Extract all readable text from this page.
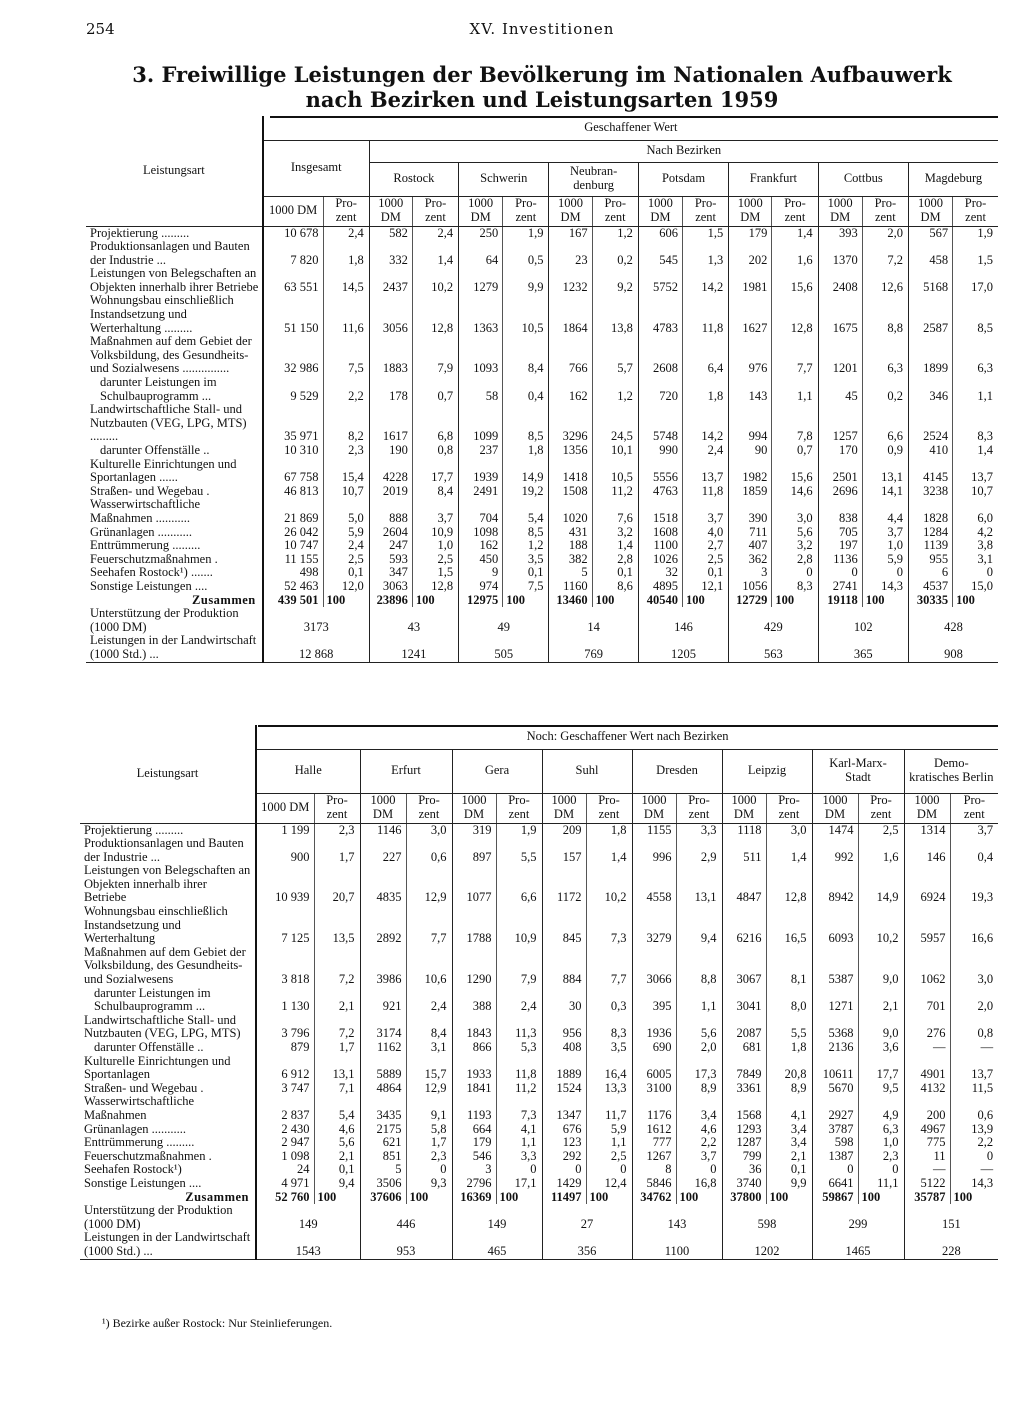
254	XV. Investitionen
3. Freiwillige Leistungen der Bevölkerung im Nationalen Aufbauwerk
nach Bezirken und Leistungsarten 1959
Leistungsart	Geschaffener Wert															
	Insgesamt		Nach Bezirken													
			Rostock		Schwerin		Neubran- denburg		Potsdam		Frankfurt		Cottbus		Magdeburg	
	1000 DM	Pro- zent	1000 DM	Pro- zent	1000 DM	Pro- zent	1000 DM	Pro- zent	1000 DM	Pro- zent	1000 DM	Pro- zent	1000 DM	Pro- zent	1000 DM	Pro- zent
Projektierung .........	10 678	2,4	582	2,4	250	1,9	167	1,2	606	1,5	179	1,4	393	2,0	567	1,9
Produktionsanlagen und Bauten der Industrie ...	7 820	1,8	332	1,4	64	0,5	23	0,2	545	1,3	202	1,6	1370	7,2	458	1,5
Leistungen von Belegschaften an Objekten innerhalb ihrer Betriebe	63 551	14,5	2437	10,2	1279	9,9	1232	9,2	5752	14,2	1981	15,6	2408	12,6	5168	17,0
Wohnungsbau einschließlich Instandsetzung und Werterhaltung .........	51 150	11,6	3056	12,8	1363	10,5	1864	13,8	4783	11,8	1627	12,8	1675	8,8	2587	8,5
Maßnahmen auf dem Gebiet der Volksbildung, des Gesundheits- und Sozialwesens ...............	32 986	7,5	1883	7,9	1093	8,4	766	5,7	2608	6,4	976	7,7	1201	6,3	1899	6,3
darunter Leistungen im Schulbauprogramm ...	9 529	2,2	178	0,7	58	0,4	162	1,2	720	1,8	143	1,1	45	0,2	346	1,1
Landwirtschaftliche Stall- und Nutzbauten (VEG, LPG, MTS) .........	35 971	8,2	1617	6,8	1099	8,5	3296	24,5	5748	14,2	994	7,8	1257	6,6	2524	8,3
darunter Offenställe ..	10 310	2,3	190	0,8	237	1,8	1356	10,1	990	2,4	90	0,7	170	0,9	410	1,4
Kulturelle Einrichtungen und Sportanlagen ......	67 758	15,4	4228	17,7	1939	14,9	1418	10,5	5556	13,7	1982	15,6	2501	13,1	4145	13,7
Straßen- und Wegebau .	46 813	10,7	2019	8,4	2491	19,2	1508	11,2	4763	11,8	1859	14,6	2696	14,1	3238	10,7
Wasserwirtschaftliche Maßnahmen ...........	21 869	5,0	888	3,7	704	5,4	1020	7,6	1518	3,7	390	3,0	838	4,4	1828	6,0
Grünanlagen ...........	26 042	5,9	2604	10,9	1098	8,5	431	3,2	1608	4,0	711	5,6	705	3,7	1284	4,2
Enttrümmerung .........	10 747	2,4	247	1,0	162	1,2	188	1,4	1100	2,7	407	3,2	197	1,0	1139	3,8
Feuerschutzmaßnahmen .	11 155	2,5	593	2,5	450	3,5	382	2,8	1026	2,5	362	2,8	1136	5,9	955	3,1
Seehafen Rostock¹) .......	498	0,1	347	1,5	9	0,1	5	0,1	32	0,1	3	0	0	0	6	0
Sonstige Leistungen ....	52 463	12,0	3063	12,8	974	7,5	1160	8,6	4895	12,1	1056	8,3	2741	14,3	4537	15,0
Zusammen	439 501	100	23896	100	12975	100	13460	100	40540	100	12729	100	19118	100	30335	100
Unterstützung der Produktion (1000 DM)	3173		43		49		14		146		429		102		428	
Leistungen in der Landwirtschaft (1000 Std.) ...	12 868		1241		505		769		1205		563		365		908	
Leistungsart	Noch: Geschaffener Wert nach Bezirken															
	Halle		Erfurt		Gera		Suhl		Dresden		Leipzig		Karl-Marx- Stadt		Demo- kratisches Berlin	
	1000 DM	Pro- zent	1000 DM	Pro- zent	1000 DM	Pro- zent	1000 DM	Pro- zent	1000 DM	Pro- zent	1000 DM	Pro- zent	1000 DM	Pro- zent	1000 DM	Pro- zent
Projektierung .........	1 199	2,3	1146	3,0	319	1,9	209	1,8	1155	3,3	1118	3,0	1474	2,5	1314	3,7
Produktionsanlagen und Bauten der Industrie ...	900	1,7	227	0,6	897	5,5	157	1,4	996	2,9	511	1,4	992	1,6	146	0,4
Leistungen von Belegschaften an Objekten innerhalb ihrer Betriebe	10 939	20,7	4835	12,9	1077	6,6	1172	10,2	4558	13,1	4847	12,8	8942	14,9	6924	19,3
Wohnungsbau einschließlich Instandsetzung und Werterhaltung	7 125	13,5	2892	7,7	1788	10,9	845	7,3	3279	9,4	6216	16,5	6093	10,2	5957	16,6
Maßnahmen auf dem Gebiet der Volksbildung, des Gesundheits- und Sozialwesens	3 818	7,2	3986	10,6	1290	7,9	884	7,7	3066	8,8	3067	8,1	5387	9,0	1062	3,0
darunter Leistungen im Schulbauprogramm ...	1 130	2,1	921	2,4	388	2,4	30	0,3	395	1,1	3041	8,0	1271	2,1	701	2,0
Landwirtschaftliche Stall- und Nutzbauten (VEG, LPG, MTS)	3 796	7,2	3174	8,4	1843	11,3	956	8,3	1936	5,6	2087	5,5	5368	9,0	276	0,8
darunter Offenställe ..	879	1,7	1162	3,1	866	5,3	408	3,5	690	2,0	681	1,8	2136	3,6	—	—
Kulturelle Einrichtungen und Sportanlagen	6 912	13,1	5889	15,7	1933	11,8	1889	16,4	6005	17,3	7849	20,8	10611	17,7	4901	13,7
Straßen- und Wegebau .	3 747	7,1	4864	12,9	1841	11,2	1524	13,3	3100	8,9	3361	8,9	5670	9,5	4132	11,5
Wasserwirtschaftliche Maßnahmen	2 837	5,4	3435	9,1	1193	7,3	1347	11,7	1176	3,4	1568	4,1	2927	4,9	200	0,6
Grünanlagen ...........	2 430	4,6	2175	5,8	664	4,1	676	5,9	1612	4,6	1293	3,4	3787	6,3	4967	13,9
Enttrümmerung .........	2 947	5,6	621	1,7	179	1,1	123	1,1	777	2,2	1287	3,4	598	1,0	775	2,2
Feuerschutzmaßnahmen .	1 098	2,1	851	2,3	546	3,3	292	2,5	1267	3,7	799	2,1	1387	2,3	11	0
Seehafen Rostock¹)	24	0,1	5	0	3	0	0	0	8	0	36	0,1	0	0	—	—
Sonstige Leistungen ....	4 971	9,4	3506	9,3	2796	17,1	1429	12,4	5846	16,8	3740	9,9	6641	11,1	5122	14,3
Zusammen	52 760	100	37606	100	16369	100	11497	100	34762	100	37800	100	59867	100	35787	100
Unterstützung der Produktion (1000 DM)	149		446		149		27		143		598		299		151	
Leistungen in der Landwirtschaft (1000 Std.) ...	1543		953		465		356		1100		1202		1465		228	
¹) Bezirke außer Rostock: Nur Steinlieferungen.
